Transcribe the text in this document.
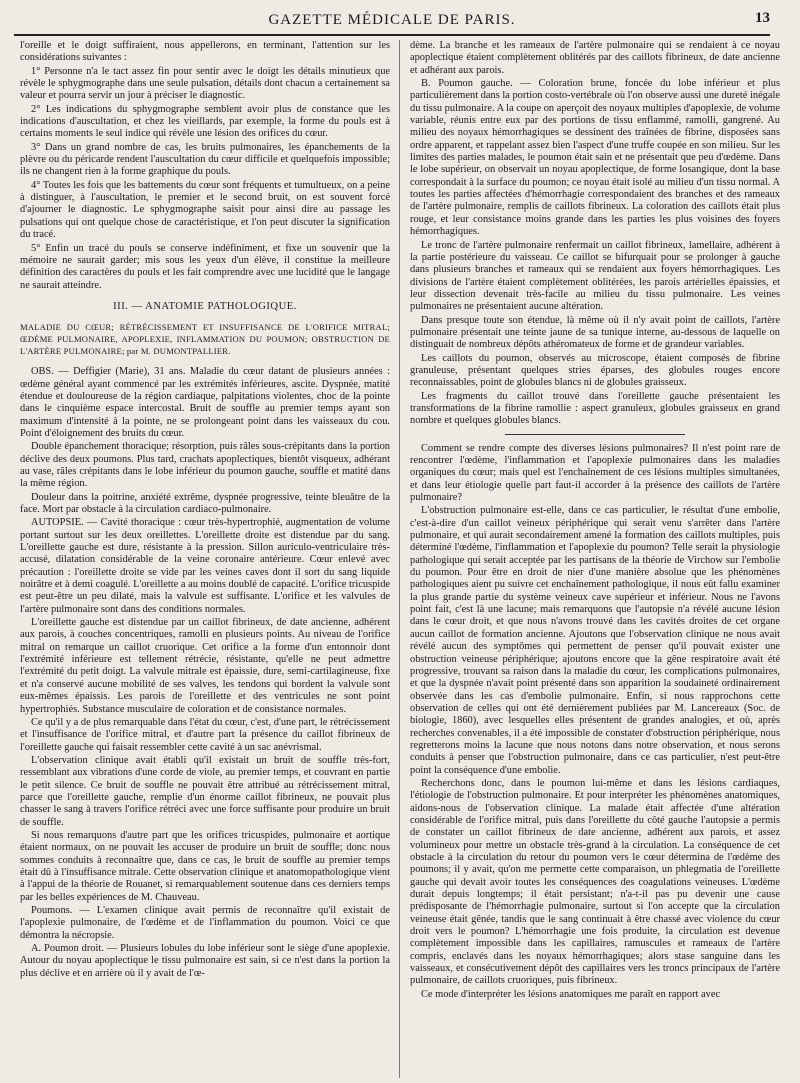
GAZETTE MÉDICALE DE PARIS.	13

l'oreille et le doigt suffiraient, nous appellerons, en terminant, l'attention sur les considérations suivantes :

1° Personne n'a le tact assez fin pour sentir avec le doigt les détails minutieux que révèle le sphygmographe dans une seule pulsation, détails dont chacun a certainement sa valeur et pourra servir un jour à préciser le diagnostic.

2° Les indications du sphygmographe semblent avoir plus de constance que les indications d'auscultation, et chez les vieillards, par exemple, la forme du pouls est à certains moments le seul indice qui révèle une lésion des orifices du cœur.

3° Dans un grand nombre de cas, les bruits pulmonaires, les épanchements de la plèvre ou du péricarde rendent l'auscultation du cœur difficile et quelquefois impossible; ils ne changent rien à la forme graphique du pouls.

4° Toutes les fois que les battements du cœur sont fréquents et tumultueux, on a peine à distinguer, à l'auscultation, le premier et le second bruit, on est souvent forcé d'ajourner le diagnostic. Le sphygmographe saisit pour ainsi dire au passage les pulsations qui ont quelque chose de caractéristique, et l'on peut discuter la signification du tracé.

5° Enfin un tracé du pouls se conserve indéfiniment, et fixe un souvenir que la mémoire ne saurait garder; mis sous les yeux d'un élève, il constitue la meilleure définition des caractères du pouls et les fait comprendre avec une lucidité que le langage ne saurait atteindre.

III. — ANATOMIE PATHOLOGIQUE.

MALADIE DU CŒUR; RÉTRÉCISSEMENT ET INSUFFISANCE DE L'ORIFICE MITRAL; ŒDÈME PULMONAIRE, APOPLEXIE, INFLAMMATION DU POUMON; OBSTRUCTION DE L'ARTÈRE PULMONAIRE; par M. DUMONTPALLIER.

OBS. — Deffigier (Marie), 31 ans. Maladie du cœur datant de plusieurs années : œdème général ayant commencé par les extrémités inférieures, ascite. Dyspnée, matité étendue et douloureuse de la région cardiaque, palpitations violentes, choc de la pointe dans le cinquième espace intercostal. Bruit de souffle au premier temps ayant son maximum d'intensité à la pointe, ne se prolongeant point dans les vaisseaux du cou. Point d'éloignement des bruits du cœur.

Double épanchement thoracique; résorption, puis râles sous-crépitants dans la portion déclive des deux poumons. Plus tard, crachats apoplectiques, bientôt visqueux, adhérant au vase, râles crépitants dans le lobe inférieur du poumon gauche, souffle et matité dans la même région.

Douleur dans la poitrine, anxiété extrême, dyspnée progressive, teinte bleuâtre de la face. Mort par obstacle à la circulation cardiaco-pulmonaire.

AUTOPSIE. — Cavité thoracique : cœur très-hypertrophié, augmentation de volume portant surtout sur les deux oreillettes. L'oreillette droite est distendue par du sang. L'oreillette gauche est dure, résistante à la pression. Sillon auriculo-ventriculaire très-accusé, dilatation considérable de la veine coronaire antérieure. Cœur enlevé avec précaution : l'oreillette droite se vide par les veines caves dont il sort du sang liquide noirâtre et à demi coagulé. L'oreillette a au moins doublé de capacité. L'orifice tricuspide est peut-être un peu dilaté, mais la valvule est suffisante. L'orifice et les valvules de l'artère pulmonaire sont dans des conditions normales.

L'oreillette gauche est distendue par un caillot fibrineux, de date ancienne, adhérent aux parois, à couches concentriques, ramolli en plusieurs points. Au niveau de l'orifice mitral on remarque un caillot cruorique. Cet orifice a la forme d'un entonnoir dont l'extrémité inférieure est tellement rétrécie, résistante, qu'elle ne peut admettre l'extrémité du petit doigt. La valvule mitrale est épaissie, dure, semi-cartilagineuse, fixe et n'a conservé aucune mobilité de ses valves, les tendons qui bordent la valvule sont eux-mêmes épaissis. Les parois de l'oreillette et des ventricules ne sont point hypertrophiés. Substance musculaire de coloration et de consistance normales.

Ce qu'il y a de plus remarquable dans l'état du cœur, c'est, d'une part, le rétrécissement et l'insuffisance de l'orifice mitral, et d'autre part la présence du caillot fibrineux de l'oreillette gauche qui faisait ressembler cette cavité à un sac anévrismal.

L'observation clinique avait établi qu'il existait un bruit de souffle très-fort, ressemblant aux vibrations d'une corde de viole, au premier temps, et couvrant en partie le petit silence. Ce bruit de souffle ne pouvait être attribué au rétrécissement mitral, parce que l'oreillette gauche, remplie d'un énorme caillot fibrineux, ne pouvait plus chasser le sang à travers l'orifice rétréci avec une force suffisante pour produire un bruit de souffle.

Si nous remarquons d'autre part que les orifices tricuspides, pulmonaire et aortique étaient normaux, on ne pouvait les accuser de produire un bruit de souffle; donc nous sommes conduits à reconnaître que, dans ce cas, le bruit de souffle au premier temps était dû à l'insuffisance mitrale. Cette observation clinique et anatomopathologique vient à l'appui de la théorie de Rouanet, si remarquablement soutenue dans ces derniers temps par les belles expériences de M. Chauveau.

Poumons. — L'examen clinique avait permis de reconnaître qu'il existait de l'apoplexie pulmonaire, de l'œdème et de l'inflammation du poumon. Voici ce que démontra la nécropsie.

A. Poumon droit. — Plusieurs lobules du lobe inférieur sont le siège d'une apoplexie. Autour du noyau apoplectique le tissu pulmonaire est sain, si ce n'est dans la portion la plus déclive et en arrière où il y avait de l'œ-

dème. La branche et les rameaux de l'artère pulmonaire qui se rendaient à ce noyau apoplectique étaient complètement oblitérés par des caillots fibrineux, de date ancienne et adhérant aux parois.

B. Poumon gauche. — Coloration brune, foncée du lobe inférieur et plus particulièrement dans la portion costo-vertébrale où l'on observe aussi une dureté inégale du tissu pulmonaire. A la coupe on aperçoit des noyaux multiples d'apoplexie, de volume variable, réunis entre eux par des portions de tissu enflammé, ramolli, gangrené. Au milieu des noyaux hémorrhagiques se dessinent des traînées de fibrine, disposées sans ordre apparent, et rappelant assez bien l'aspect d'une truffe coupée en son milieu. Sur les limites des parties malades, le poumon était sain et ne présentait que peu d'œdème. Dans le lobe supérieur, on observait un noyau apoplectique, de forme losangique, dont la base correspondait à la surface du poumon; ce noyau était isolé au milieu d'un tissu normal. A toutes les parties affectées d'hémorrhagie correspondaient des branches et des rameaux de l'artère pulmonaire, remplis de caillots fibrineux. La coloration des caillots était plus rouge, et leur consistance moins grande dans les parties les plus voisines des foyers hémorrhagiques.

Le tronc de l'artère pulmonaire renfermait un caillot fibrineux, lamellaire, adhérent à la partie postérieure du vaisseau. Ce caillot se bifurquait pour se prolonger à gauche dans plusieurs branches et rameaux qui se rendaient aux foyers hémorrhagiques. Les divisions de l'artère étaient complètement oblitérées, les parois artérielles épaissies, et leur dissection devenait très-facile au milieu du tissu pulmonaire. Les veines pulmonaires ne présentaient aucune altération.

Dans presque toute son étendue, là même où il n'y avait point de caillots, l'artère pulmonaire présentait une teinte jaune de sa tunique interne, au-dessous de laquelle on distinguait de nombreux dépôts athéromateux de forme et de grandeur variables.

Les caillots du poumon, observés au microscope, étaient composés de fibrine granuleuse, présentant quelques stries éparses, des globules rouges encore reconnaissables, point de globules blancs ni de globules graisseux.

Les fragments du caillot trouvé dans l'oreillette gauche présentaient les transformations de la fibrine ramollie : aspect granuleux, globules graisseux en grand nombre et quelques globules blancs.

Comment se rendre compte des diverses lésions pulmonaires? Il n'est point rare de rencontrer l'œdème, l'inflammation et l'apoplexie pulmonaires dans les maladies organiques du cœur; mais quel est l'enchaînement de ces lésions multiples simultanées, et dans leur étiologie quelle part faut-il accorder à la présence des caillots de l'artère pulmonaire?

L'obstruction pulmonaire est-elle, dans ce cas particulier, le résultat d'une embolie, c'est-à-dire d'un caillot veineux périphérique qui serait venu s'arrêter dans l'artère pulmonaire, et qui aurait secondairement amené la formation des caillots multiples, puis déterminé l'œdème, l'inflammation et l'apoplexie du poumon? Telle serait la physiologie pathologique qui serait acceptée par les partisans de la théorie de Virchow sur l'embolie du poumon. Pour être en droit de nier d'une manière absolue que les phénomènes pathologiques aient pu suivre cet enchaînement pathologique, il nous eût fallu examiner la plus grande partie du système veineux cave supérieur et inférieur. Nous ne l'avons point fait, c'est là une lacune; mais remarquons que l'autopsie n'a révélé aucune lésion dans le cœur droit, et que nous n'avons trouvé dans les cavités droites de cet organe aucun caillot de formation ancienne. Ajoutons que l'observation clinique ne nous avait révélé aucun des symptômes qui permettent de penser qu'il pouvait exister une obstruction veineuse périphérique; ajoutons encore que la gêne respiratoire avait été progressive, trouvant sa raison dans la maladie du cœur, les complications pulmonaires, et que la dyspnée n'avait point présenté dans son apparition la soudaineté ordinairement observée dans les cas d'embolie pulmonaire. Enfin, si nous rapprochons cette observation de celles qui ont été dernièrement publiées par M. Lancereaux (Soc. de biologie, 1860), avec lesquelles elles présentent de grandes analogies, et où, après recherches convenables, il a été impossible de constater d'obstruction périphérique, nous regretterons moins la lacune que nous notons dans notre observation, et nous serons conduits à penser que l'obstruction pulmonaire, dans ce cas particulier, n'est peut-être point la conséquence d'une embolie.

Recherchons donc, dans le poumon lui-même et dans les lésions cardiaques, l'étiologie de l'obstruction pulmonaire. Et pour interpréter les phénomènes anatomiques, aidons-nous de l'observation clinique. La malade était affectée d'une altération considérable de l'orifice mitral, puis dans l'oreillette du côté gauche l'autopsie a permis de constater un caillot fibrineux de date ancienne, adhérent aux parois, et assez volumineux pour mettre un obstacle très-grand à la circulation. La conséquence de cet obstacle à la circulation du retour du poumon vers le cœur détermina de l'œdème des poumons; il y avait, qu'on me permette cette comparaison, un phlegmatia de l'oreillette gauche qui devait avoir toutes les conséquences des coagulations veineuses. L'œdème durait depuis longtemps; il était persistant; n'a-t-il pas pu devenir une cause prédisposante de l'hémorrhagie pulmonaire, surtout si l'on accepte que la circulation veineuse était gênée, tandis que le sang continuait à être chassé avec violence du cœur droit vers le poumon? L'hémorrhagie une fois produite, la circulation est devenue complètement impossible dans les capillaires, ramuscules et rameaux de l'artère compris, enclavés dans les noyaux hémorrhagiques; alors stase sanguine dans les vaisseaux, et consécutivement dépôt des capillaires vers les troncs principaux de l'artère pulmonaire, de caillots cruoriques, puis fibrineux.

Ce mode d'interpréter les lésions anatomiques me paraît en rapport avec
